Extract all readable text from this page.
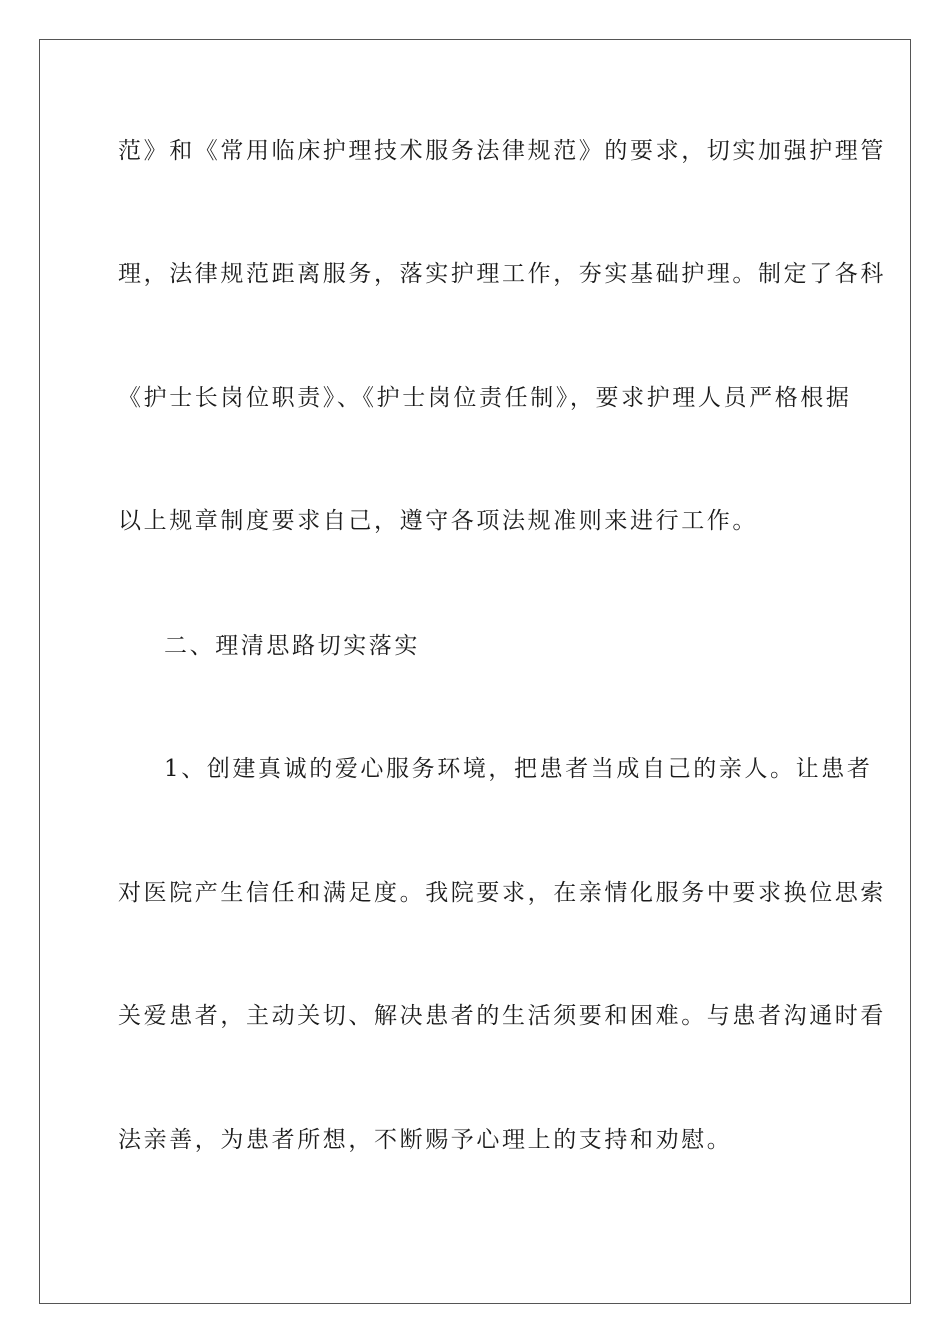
范》和《常用临床护理技术服务法律规范》的要求，切实加强护理管
理，法律规范距离服务，落实护理工作，夯实基础护理。制定了各科
《护士长岗位职责》、《护士岗位责任制》，要求护理人员严格根据
以上规章制度要求自己，遵守各项法规准则来进行工作。
二、理清思路切实落实
1、创建真诚的爱心服务环境，把患者当成自己的亲人。让患者
对医院产生信任和满足度。我院要求，在亲情化服务中要求换位思索
关爱患者，主动关切、解决患者的生活须要和困难。与患者沟通时看
法亲善，为患者所想，不断赐予心理上的支持和劝慰。
